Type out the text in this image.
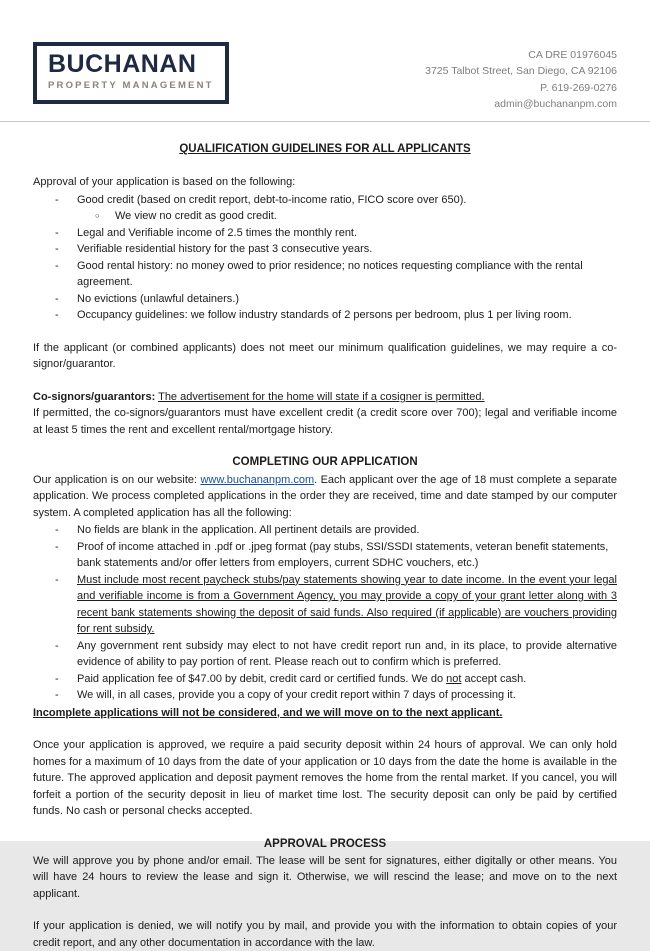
BUCHANAN
PROPERTY MANAGEMENT
CA DRE 01976045
3725 Talbot Street, San Diego, CA 92106
P. 619-269-0276
admin@buchananpm.com
QUALIFICATION GUIDELINES FOR ALL APPLICANTS
Approval of your application is based on the following:
-	Good credit (based on credit report, debt-to-income ratio, FICO score over 650).
○	We view no credit as good credit.
-	Legal and Verifiable income of 2.5 times the monthly rent.
-	Verifiable residential history for the past 3 consecutive years.
-	Good rental history: no money owed to prior residence; no notices requesting compliance with the rental agreement.
-	No evictions (unlawful detainers.)
-	Occupancy guidelines: we follow industry standards of 2 persons per bedroom, plus 1 per living room.
If the applicant (or combined applicants) does not meet our minimum qualification guidelines, we may require a co-signor/guarantor.
Co-signors/guarantors: The advertisement for the home will state if a cosigner is permitted.
If permitted, the co-signors/guarantors must have excellent credit (a credit score over 700); legal and verifiable income at least 5 times the rent and excellent rental/mortgage history.
COMPLETING OUR APPLICATION
Our application is on our website: www.buchananpm.com. Each applicant over the age of 18 must complete a separate application. We process completed applications in the order they are received, time and date stamped by our computer system. A completed application has all the following:
-	No fields are blank in the application. All pertinent details are provided.
-	Proof of income attached in .pdf or .jpeg format (pay stubs, SSI/SSDI statements, veteran benefit statements, bank statements and/or offer letters from employers, current SDHC vouchers, etc.)
-	Must include most recent paycheck stubs/pay statements showing year to date income. In the event your legal and verifiable income is from a Government Agency, you may provide a copy of your grant letter along with 3 recent bank statements showing the deposit of said funds. Also required (if applicable) are vouchers providing for rent subsidy.
-	Any government rent subsidy may elect to not have credit report run and, in its place, to provide alternative evidence of ability to pay portion of rent. Please reach out to confirm which is preferred.
-	Paid application fee of $47.00 by debit, credit card or certified funds. We do not accept cash.
-	We will, in all cases, provide you a copy of your credit report within 7 days of processing it.
Incomplete applications will not be considered, and we will move on to the next applicant.
Once your application is approved, we require a paid security deposit within 24 hours of approval. We can only hold homes for a maximum of 10 days from the date of your application or 10 days from the date the home is available in the future. The approved application and deposit payment removes the home from the rental market. If you cancel, you will forfeit a portion of the security deposit in lieu of market time lost. The security deposit can only be paid by certified funds. No cash or personal checks accepted.
APPROVAL PROCESS
We will approve you by phone and/or email. The lease will be sent for signatures, either digitally or other means. You will have 24 hours to review the lease and sign it. Otherwise, we will rescind the lease; and move on to the next applicant.
If your application is denied, we will notify you by mail, and provide you with the information to obtain copies of your credit report, and any other documentation in accordance with the law.
